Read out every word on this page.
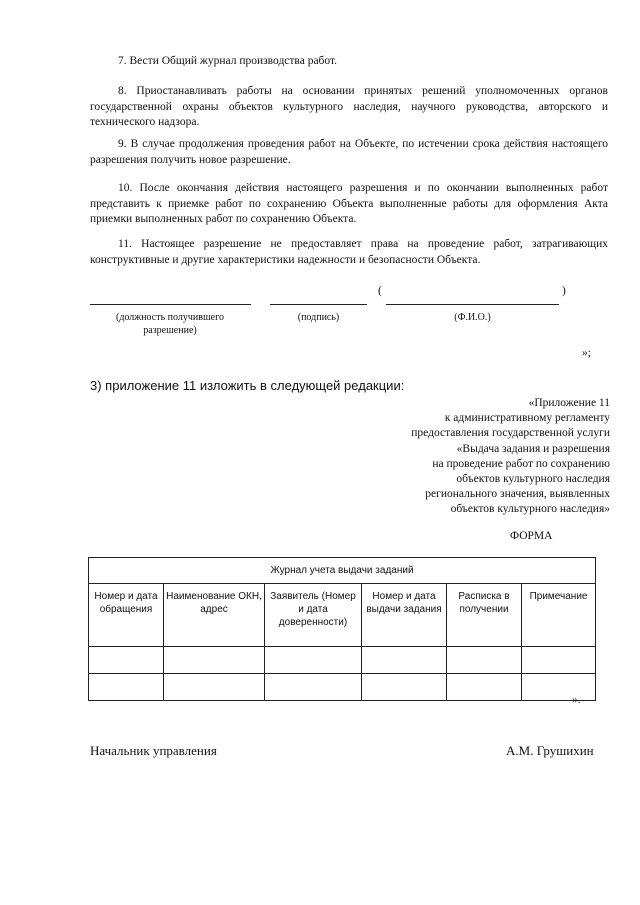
7. Вести Общий журнал производства работ.

8. Приостанавливать работы на основании принятых решений уполномоченных органов государственной охраны объектов культурного наследия, научного руководства, авторского и технического надзора.

9. В случае продолжения проведения работ на Объекте, по истечении срока действия настоящего разрешения получить новое разрешение.

10. После окончания действия настоящего разрешения и по окончании выполненных работ представить к приемке работ по сохранению Объекта выполненные работы для оформления Акта приемки выполненных работ по сохранению Объекта.

11. Настоящее разрешение не предоставляет права на проведение работ, затрагивающих конструктивные и другие характеристики надежности и безопасности Объекта.

(	)
(должность получившего разрешение)
(подпись)	(Ф.И.О.)
»;
3) приложение 11 изложить в следующей редакции:
«Приложение 11
к административному регламенту
предоставления государственной услуги
«Выдача задания и разрешения
на проведение работ по сохранению
объектов культурного наследия
регионального значения, выявленных
объектов культурного наследия»
ФОРМА
Журнал учета выдачи заданий					
Номер и дата обращения	Наименование ОКН, адрес	Заявитель (Номер и дата доверенности)	Номер и дата выдачи задания	Расписка в получении	Примечание

».
Начальник управления	А.М. Грушихин
